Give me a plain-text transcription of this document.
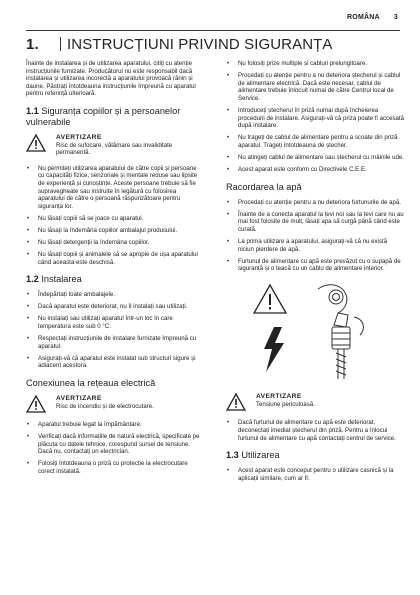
ROMÂNA 3
1. INSTRUCȚIUNI PRIVIND SIGURANȚA

Înainte de instalarea și de utilizarea aparatului, citiți cu atenție instrucțiunile furnizate. Producătorul nu este responsabil dacă instalarea și utilizarea incorectă a aparatului provoacă răniri și daune. Păstrați întotdeauna instrucțiunile împreună cu aparatul pentru referință ulterioară.

1.1 Siguranța copiilor și a persoanelor vulnerabile
AVERTIZARE
Risc de sufocare, vătămare sau invaliditate permanentă.
• Nu permiteți utilizarea aparatului de către copii și persoane cu capacități fizice, senzoriale și mentale reduse sau lipsite de experiență și cunoștințe. Aceste persoane trebuie să fie supravegheate sau instruite în legătură cu folosirea aparatului de către o persoană răspunzătoare pentru siguranța lor.
• Nu lăsați copiii să se joace cu aparatul.
• Nu lăsați la îndemâna copiilor ambalajul produsului.
• Nu lăsați detergenții la îndemâna copiilor.
• Nu lăsați copiii și animalele să se apropie de ușa aparatului când aceasta este deschisă.
1.2 Instalarea
• Îndepărtați toate ambalajele.
• Dacă aparatul este deteriorat, nu îl instalați sau utilizați.
• Nu instalați sau utilizați aparatul într-un loc în care temperatura este sub 0 °C.
• Respectați instrucțiunile de instalare furnizate împreună cu aparatul.
• Asigurați-vă că aparatul este instalat sub structuri sigure și adiacent acestora.
Conexiunea la rețeaua electrică
AVERTIZARE
Risc de incendiu și de electrocutare.
• Aparatul trebuie legat la împământare.
• Verificați dacă informațiile de natură electrică, specificate pe plăcuța cu datele tehnice, corespund sursei de tensiune. Dacă nu, contactați un electrician.
• Folosiți întotdeauna o priză cu protecție la electrocutare corect instalată.
• Nu folosiți prize multiple și cabluri prelungitoare.
• Procedați cu atenție pentru a nu deteriora ștecherul și cablul de alimentare electrică. Dacă este necesar, cablul de alimentare trebuie înlocuit numai de către Centrul local de Service.
• Introduceți ștecherul în priză numai după încheierea procedurii de instalare. Asigurați-vă că priza poate fi accesată după instalare.
• Nu trageți de cablul de alimentare pentru a scoate din priză aparatul. Trageți întotdeauna de ștecher.
• Nu atingeți cablul de alimentare sau ștecherul cu mâinile ude.
• Acest aparat este conform cu Directivele C.E.E.
Racordarea la apă
• Procedați cu atenție pentru a nu deteriora furtunurile de apă.
• Înainte de a conecta aparatul la țevi noi sau la țevi care nu au mai fost folosite de mult, lăsați apa să curgă până când este curată.
• La prima utilizare a aparatului, asigurați-vă că nu există niciun pierdere de apă.
• Furtunul de alimentare cu apă este prevăzut cu o supapă de siguranță și o teacă cu un cablu de alimentare interior.
AVERTIZARE
Tensiune periculoasă.
• Dacă furtunul de alimentare cu apă este deteriorat, deconectați imediat ștecherul din priză. Pentru a înlocui furtunul de alimentare cu apă contactați centrul de service.
1.3 Utilizarea
• Acest aparat este conceput pentru o utilizare casnică și la aplicații similare, cum ar fi:
